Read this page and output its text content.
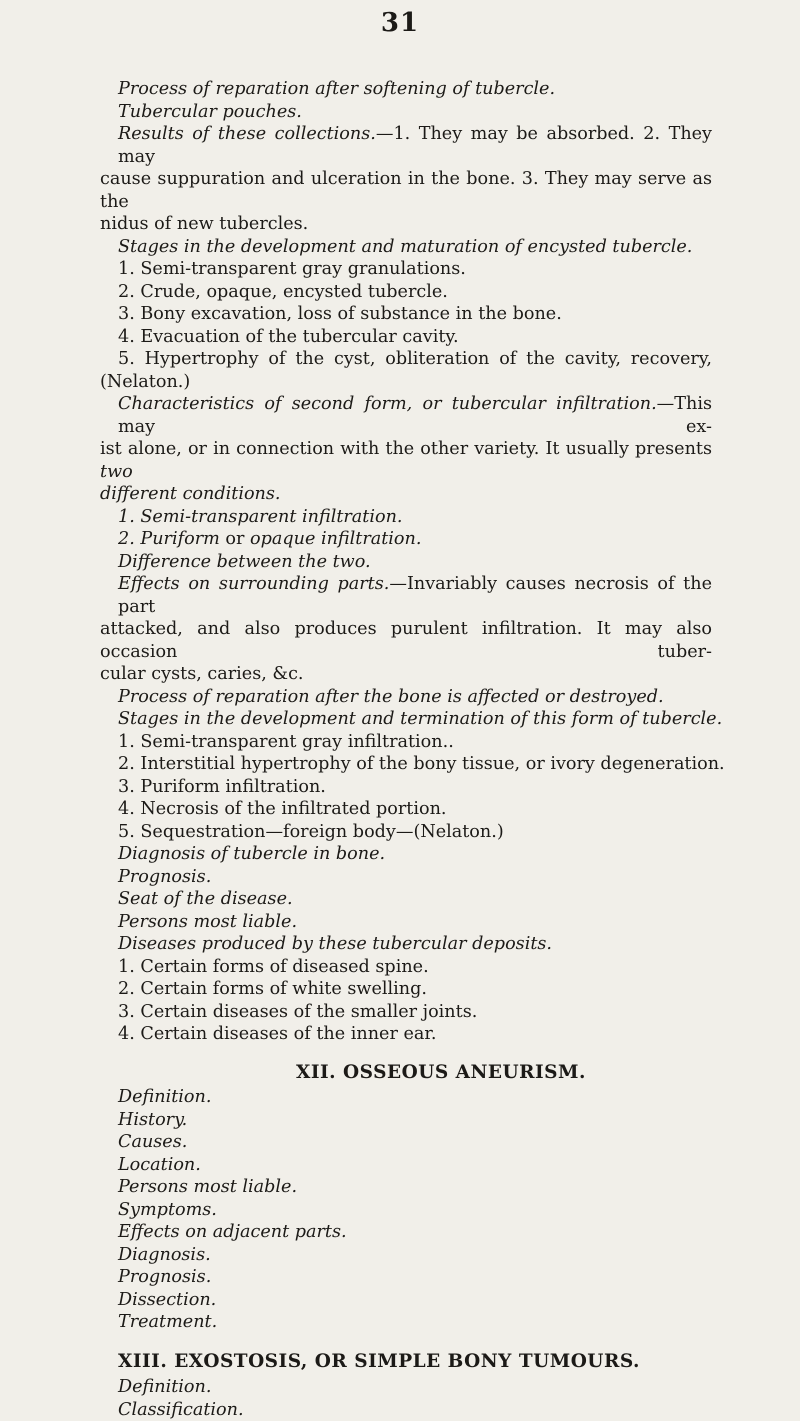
31
Process of reparation after softening of tubercle.
Tubercular pouches.
Results of these collections.—1. They may be absorbed. 2. They may
cause suppuration and ulceration in the bone. 3. They may serve as the
nidus of new tubercles.
Stages in the development and maturation of encysted tubercle.
1. Semi-transparent gray granulations.
2. Crude, opaque, encysted tubercle.
3. Bony excavation, loss of substance in the bone.
4. Evacuation of the tubercular cavity.
5. Hypertrophy of the cyst, obliteration of the cavity, recovery,
(Nelaton.)
Characteristics of second form, or tubercular infiltration.—This may ex-
ist alone, or in connection with the other variety. It usually presents two
different conditions.
1. Semi-transparent infiltration.
2. Puriform or opaque infiltration.
Difference between the two.
Effects on surrounding parts.—Invariably causes necrosis of the part
attacked, and also produces purulent infiltration. It may also occasion tuber-
cular cysts, caries, &c.
Process of reparation after the bone is affected or destroyed.
Stages in the development and termination of this form of tubercle.
1. Semi-transparent gray infiltration..
2. Interstitial hypertrophy of the bony tissue, or ivory degeneration.
3. Puriform infiltration.
4. Necrosis of the infiltrated portion.
5. Sequestration—foreign body—(Nelaton.)
Diagnosis of tubercle in bone.
Prognosis.
Seat of the disease.
Persons most liable.
Diseases produced by these tubercular deposits.
1. Certain forms of diseased spine.
2. Certain forms of white swelling.
3. Certain diseases of the smaller joints.
4. Certain diseases of the inner ear.
XII. OSSEOUS ANEURISM.
Definition.
History.
Causes.
Location.
Persons most liable.
Symptoms.
Effects on adjacent parts.
Diagnosis.
Prognosis.
Dissection.
Treatment.
XIII. EXOSTOSIS, OR SIMPLE BONY TUMOURS.
Definition.
Classification.
